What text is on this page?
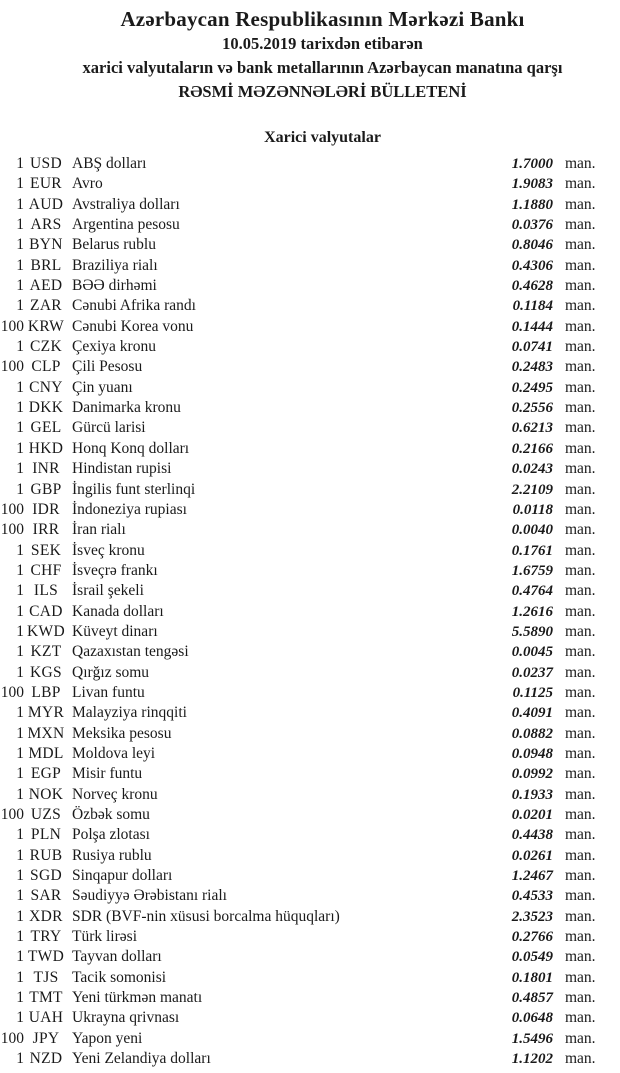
Azərbaycan Respublikasının Mərkəzi Bankı
10.05.2019 tarixdən etibarən
xarici valyutaların və bank metallarının Azərbaycan manatına qarşı
RƏSMİ MƏZƏNNƏLƏRİ BÜLLETENİ
Xarici valyutalar
1 USD ABŞ dolları	1.7000 man.
1 EUR Avro	1.9083 man.
1 AUD Avstraliya dolları	1.1880 man.
1 ARS Argentina pesosu	0.0376 man.
1 BYN Belarus rublu	0.8046 man.
1 BRL Braziliya rialı	0.4306 man.
1 AED BƏƏ dirhəmi	0.4628 man.
1 ZAR Cənubi Afrika randı	0.1184 man.
100 KRW Cənubi Korea vonu	0.1444 man.
1 CZK Çexiya kronu	0.0741 man.
100 CLP Çili Pesosu	0.2483 man.
1 CNY Çin yuanı	0.2495 man.
1 DKK Danimarka kronu	0.2556 man.
1 GEL Gürcü larisi	0.6213 man.
1 HKD Honq Konq dolları	0.2166 man.
1 INR Hindistan rupisi	0.0243 man.
1 GBP İngilis funt sterlinqi	2.2109 man.
100 IDR İndoneziya rupiası	0.0118 man.
100 IRR İran rialı	0.0040 man.
1 SEK İsveç kronu	0.1761 man.
1 CHF İsveçrə frankı	1.6759 man.
1 ILS İsrail şekeli	0.4764 man.
1 CAD Kanada dolları	1.2616 man.
1 KWD Küveyt dinarı	5.5890 man.
1 KZT Qazaxıstan tengəsi	0.0045 man.
1 KGS Qırğız somu	0.0237 man.
100 LBP Livan funtu	0.1125 man.
1 MYR Malayziya rinqqiti	0.4091 man.
1 MXN Meksika pesosu	0.0882 man.
1 MDL Moldova leyi	0.0948 man.
1 EGP Misir funtu	0.0992 man.
1 NOK Norveç kronu	0.1933 man.
100 UZS Özbək somu	0.0201 man.
1 PLN Polşa zlotası	0.4438 man.
1 RUB Rusiya rublu	0.0261 man.
1 SGD Sinqapur dolları	1.2467 man.
1 SAR Səudiyyə Ərəbistanı rialı	0.4533 man.
1 XDR SDR (BVF-nin xüsusi borcalma hüquqları)	2.3523 man.
1 TRY Türk lirəsi	0.2766 man.
1 TWD Tayvan dolları	0.0549 man.
1 TJS Tacik somonisi	0.1801 man.
1 TMT Yeni türkmən manatı	0.4857 man.
1 UAH Ukrayna qrivnası	0.0648 man.
100 JPY Yapon yeni	1.5496 man.
1 NZD Yeni Zelandiya dolları	1.1202 man.
